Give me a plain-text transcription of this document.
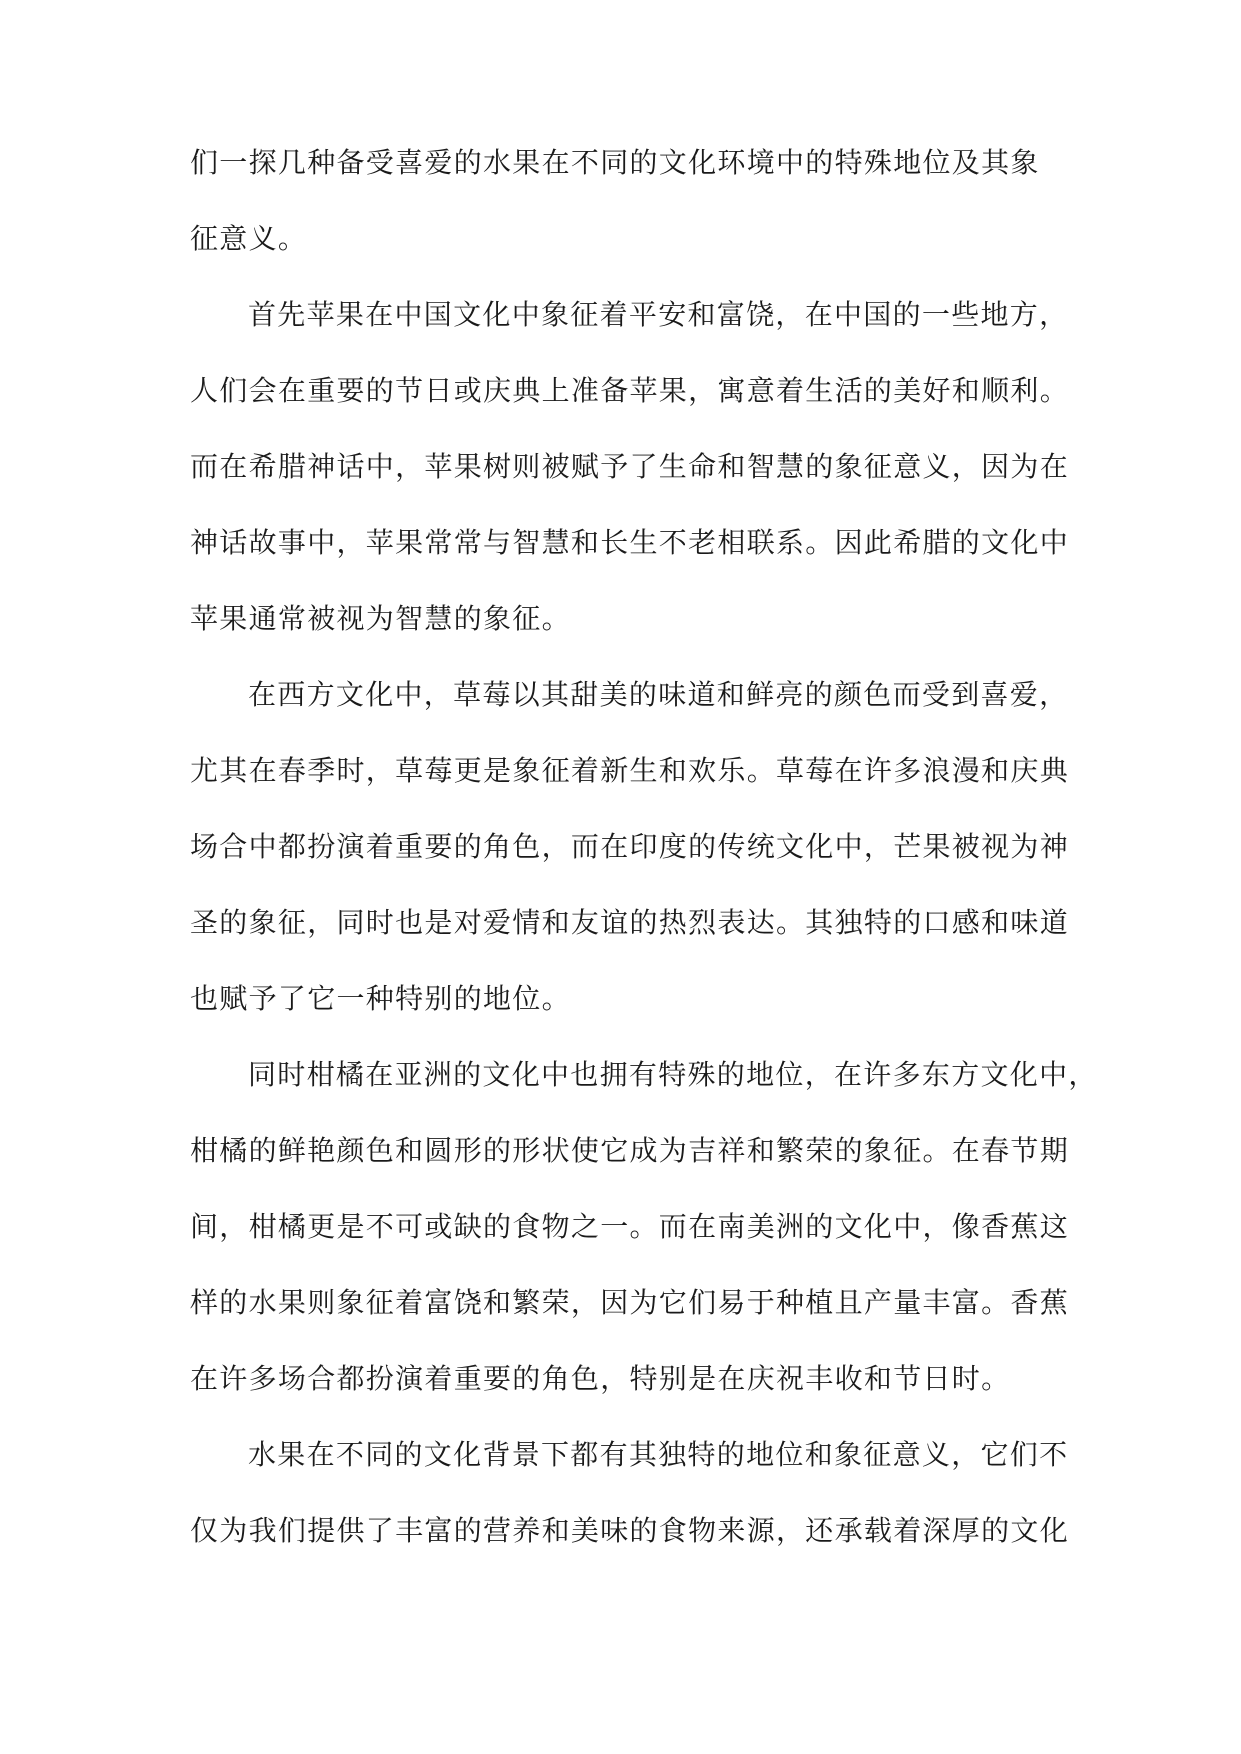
们一探几种备受喜爱的水果在不同的文化环境中的特殊地位及其象
征意义。
首先苹果在中国文化中象征着平安和富饶，在中国的一些地方，
人们会在重要的节日或庆典上准备苹果，寓意着生活的美好和顺利。
而在希腊神话中，苹果树则被赋予了生命和智慧的象征意义，因为在
神话故事中，苹果常常与智慧和长生不老相联系。因此希腊的文化中
苹果通常被视为智慧的象征。
在西方文化中，草莓以其甜美的味道和鲜亮的颜色而受到喜爱，
尤其在春季时，草莓更是象征着新生和欢乐。草莓在许多浪漫和庆典
场合中都扮演着重要的角色，而在印度的传统文化中，芒果被视为神
圣的象征，同时也是对爱情和友谊的热烈表达。其独特的口感和味道
也赋予了它一种特别的地位。
同时柑橘在亚洲的文化中也拥有特殊的地位，在许多东方文化中，
柑橘的鲜艳颜色和圆形的形状使它成为吉祥和繁荣的象征。在春节期
间，柑橘更是不可或缺的食物之一。而在南美洲的文化中，像香蕉这
样的水果则象征着富饶和繁荣，因为它们易于种植且产量丰富。香蕉
在许多场合都扮演着重要的角色，特别是在庆祝丰收和节日时。
水果在不同的文化背景下都有其独特的地位和象征意义，它们不
仅为我们提供了丰富的营养和美味的食物来源，还承载着深厚的文化
